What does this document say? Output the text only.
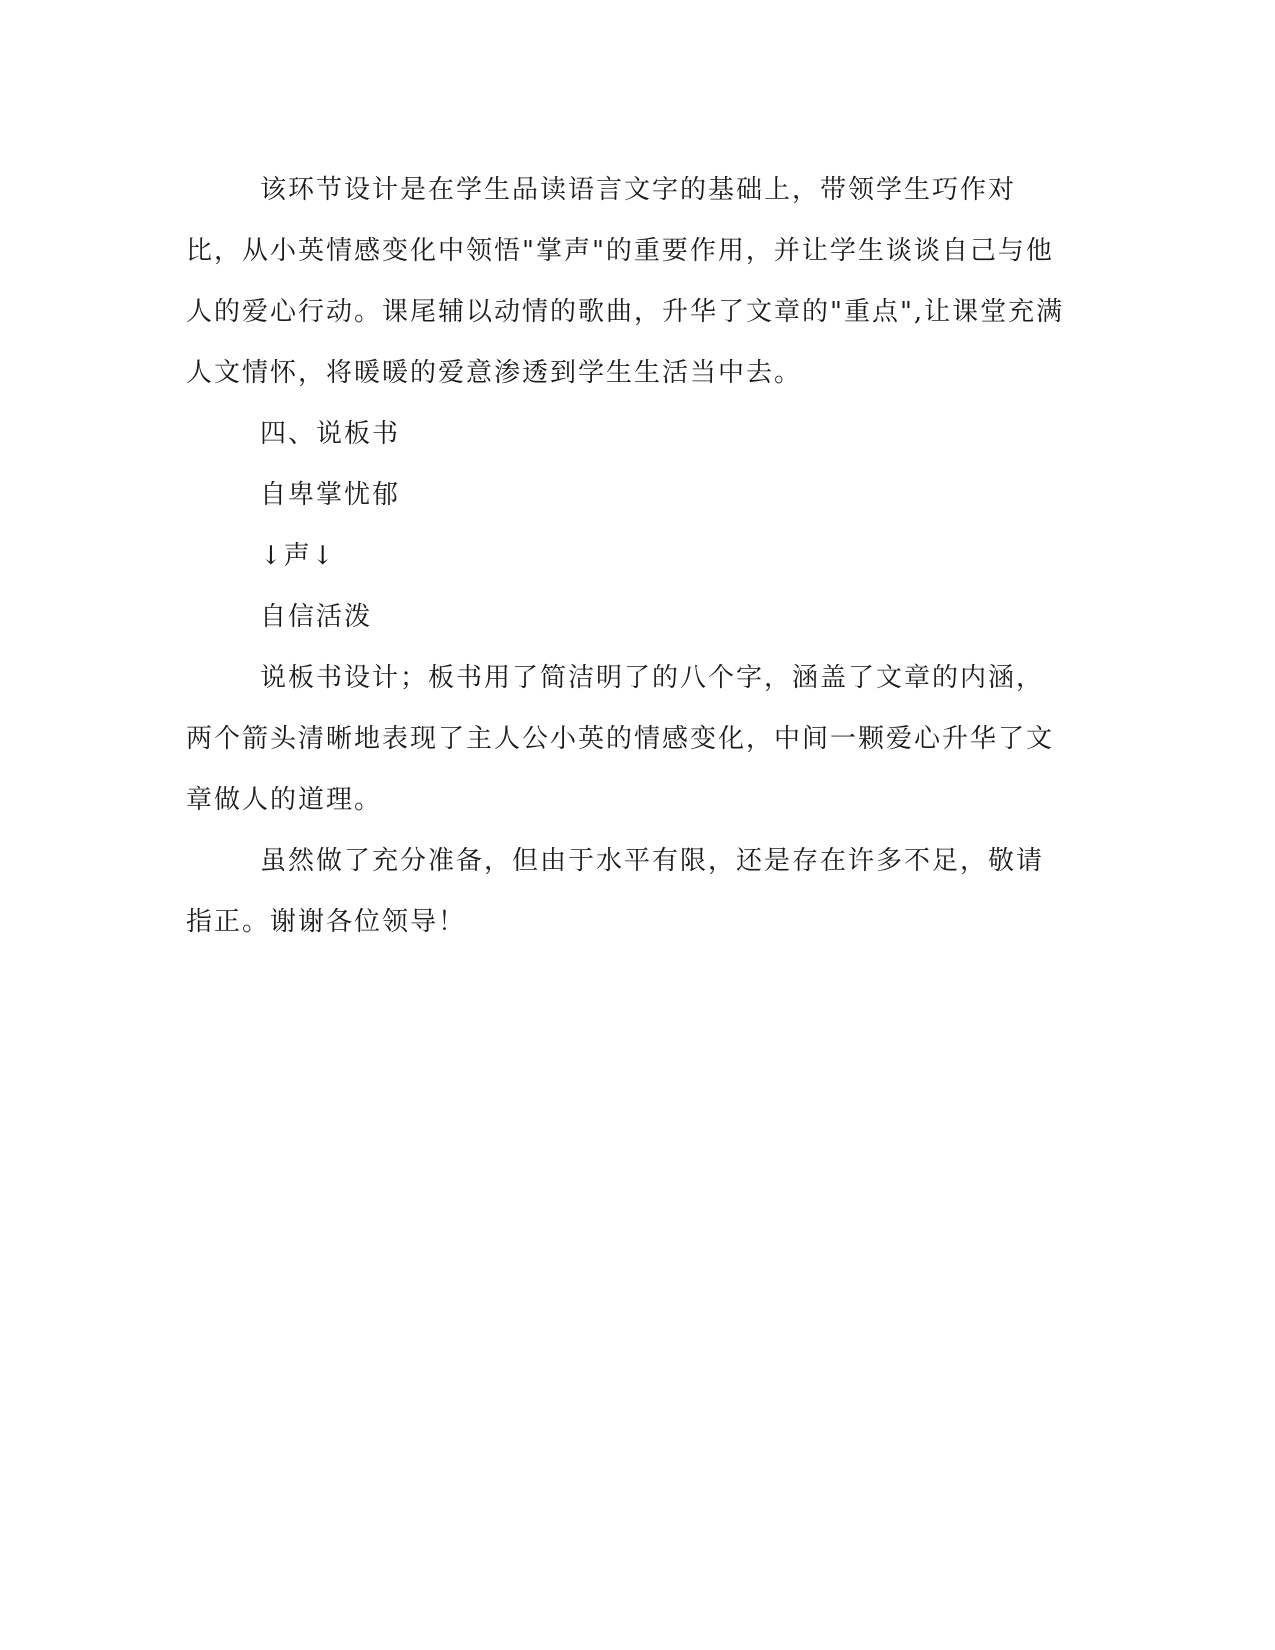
该环节设计是在学生品读语言文字的基础上，带领学生巧作对比，从小英情感变化中领悟"掌声"的重要作用，并让学生谈谈自己与他人的爱心行动。课尾辅以动情的歌曲，升华了文章的"重点",让课堂充满人文情怀，将暖暖的爱意渗透到学生生活当中去。

四、说板书

自卑掌忧郁

↓声↓

自信活泼

说板书设计；板书用了简洁明了的八个字，涵盖了文章的内涵，两个箭头清晰地表现了主人公小英的情感变化，中间一颗爱心升华了文章做人的道理。

虽然做了充分准备，但由于水平有限，还是存在许多不足，敬请指正。谢谢各位领导！
